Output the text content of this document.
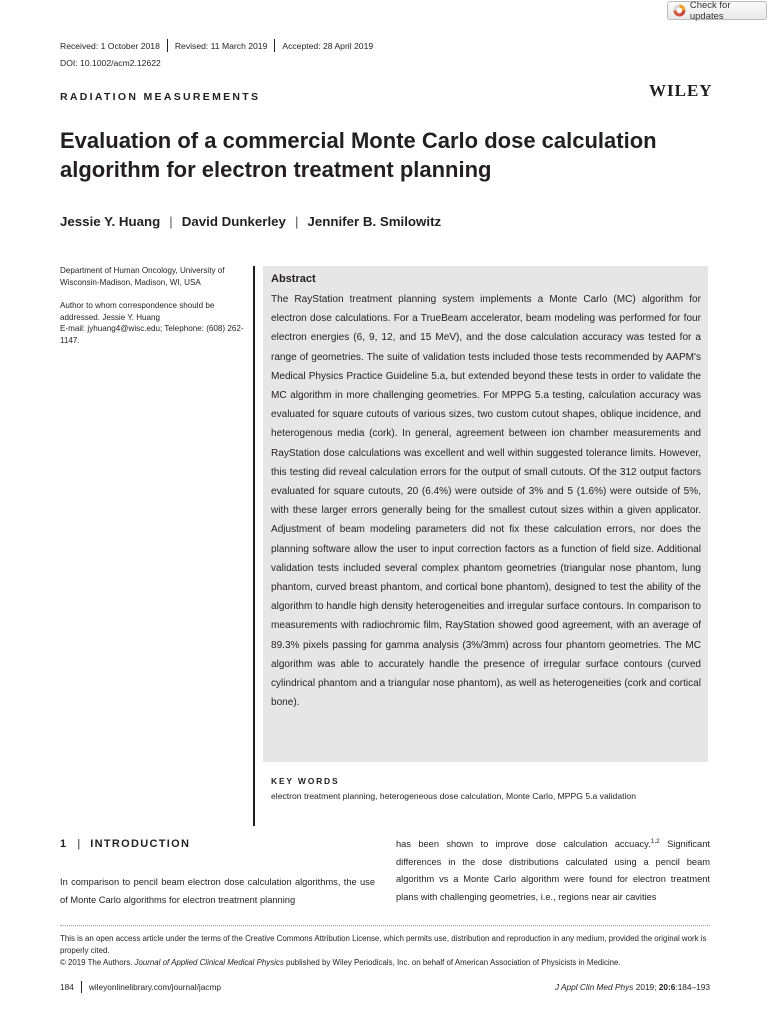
Check for updates
Received: 1 October 2018 Revised: 11 March 2019 Accepted: 28 April 2019
DOI: 10.1002/acm2.12622
RADIATION MEASUREMENTS	WILEY
Evaluation of a commercial Monte Carlo dose calculation algorithm for electron treatment planning
Jessie Y. Huang | David Dunkerley | Jennifer B. Smilowitz

Department of Human Oncology, University of Wisconsin-Madison, Madison, WI, USA

Author to whom correspondence should be addressed. Jessie Y. Huang
E-mail: jyhuang4@wisc.edu; Telephone: (608) 262-1147.

Abstract

The RayStation treatment planning system implements a Monte Carlo (MC) algorithm for electron dose calculations. For a TrueBeam accelerator, beam modeling was performed for four electron energies (6, 9, 12, and 15 MeV), and the dose calculation accuracy was tested for a range of geometries. The suite of validation tests included those tests recommended by AAPM's Medical Physics Practice Guideline 5.a, but extended beyond these tests in order to validate the MC algorithm in more challenging geometries. For MPPG 5.a testing, calculation accuracy was evaluated for square cutouts of various sizes, two custom cutout shapes, oblique incidence, and heterogenous media (cork). In general, agreement between ion chamber measurements and RayStation dose calculations was excellent and well within suggested tolerance limits. However, this testing did reveal calculation errors for the output of small cutouts. Of the 312 output factors evaluated for square cutouts, 20 (6.4%) were outside of 3% and 5 (1.6%) were outside of 5%, with these larger errors generally being for the smallest cutout sizes within a given applicator. Adjustment of beam modeling parameters did not fix these calculation errors, nor does the planning software allow the user to input correction factors as a function of field size. Additional validation tests included several complex phantom geometries (triangular nose phantom, lung phantom, curved breast phantom, and cortical bone phantom), designed to test the ability of the algorithm to handle high density heterogeneities and irregular surface contours. In comparison to measurements with radiochromic film, RayStation showed good agreement, with an average of 89.3% pixels passing for gamma analysis (3%/3mm) across four phantom geometries. The MC algorithm was able to accurately handle the presence of irregular surface contours (curved cylindrical phantom and a triangular nose phantom), as well as heterogeneities (cork and cortical bone).

KEY WORDS
electron treatment planning, heterogeneous dose calculation, Monte Carlo, MPPG 5.a validation
1 | INTRODUCTION

In comparison to pencil beam electron dose calculation algorithms, the use of Monte Carlo algorithms for electron treatment planning

has been shown to improve dose calculation accuacy.$^{1,2}$ Significant differences in the dose distributions calculated using a pencil beam algorithm vs a Monte Carlo algorithm were found for electron treatment plans with challenging geometries, i.e., regions near air cavities

This is an open access article under the terms of the Creative Commons Attribution License, which permits use, distribution and reproduction in any medium, provided the original work is properly cited.

© 2019 The Authors. Journal of Applied Clinical Medical Physics published by Wiley Periodicals, Inc. on behalf of American Association of Physicists in Medicine.

184 wileyonlinelibrary.com/journal/jacmp	J Appl Clin Med Phys 2019; 20:6:184–193
